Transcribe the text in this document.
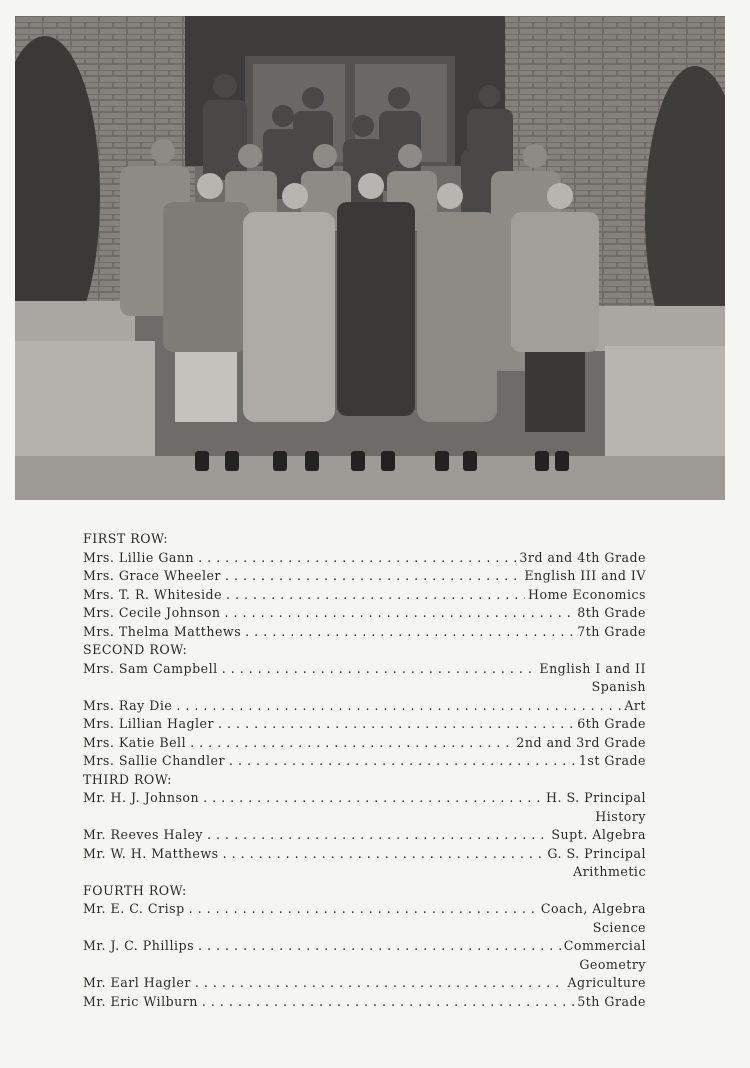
FIRST ROW:
Mrs. Lillie Gann . . .	3rd and 4th Grade
Mrs. Grace Wheeler . . .	English III and IV
Mrs. T. R. Whiteside . . .	Home Economics
Mrs. Cecile Johnson . . .	8th Grade
Mrs. Thelma Matthews . . .	7th Grade
SECOND ROW:
Mrs. Sam Campbell . . .	English I and II
Spanish
Mrs. Ray Die . . .	Art
Mrs. Lillian Hagler . . .	6th Grade
Mrs. Katie Bell . . .	2nd and 3rd Grade
Mrs. Sallie Chandler . . .	1st Grade
THIRD ROW:
Mr. H. J. Johnson . . .	H. S. Principal
History
Mr. Reeves Haley . . .	Supt. Algebra
Mr. W. H. Matthews . . .	G. S. Principal
Arithmetic
FOURTH ROW:
Mr. E. C. Crisp . . .	Coach, Algebra
Science
Mr. J. C. Phillips . . .	Commercial
Geometry
Mr. Earl Hagler . . .	Agriculture
Mr. Eric Wilburn . . .	5th Grade
